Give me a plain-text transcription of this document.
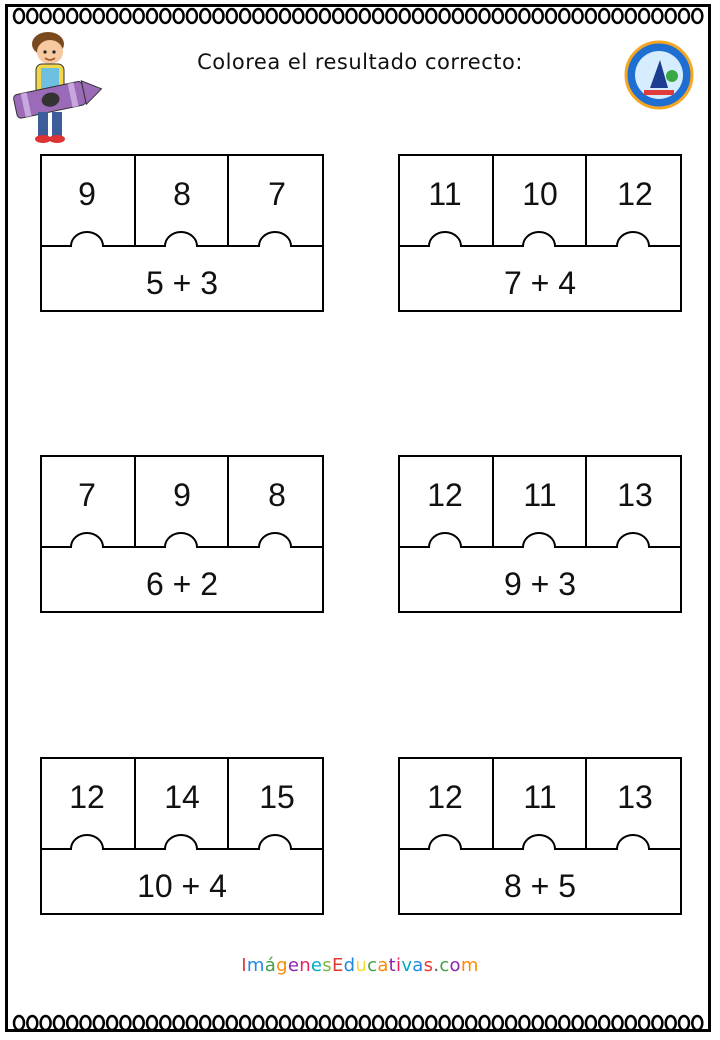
Colorea el resultado correcto:
9	8	7
5 + 3
11	10	12
7 + 4
7	9	8
6 + 2
12	11	13
9 + 3
12	14	15
10 + 4
12	11	13
8 + 5
ImágenesEducativas.com
